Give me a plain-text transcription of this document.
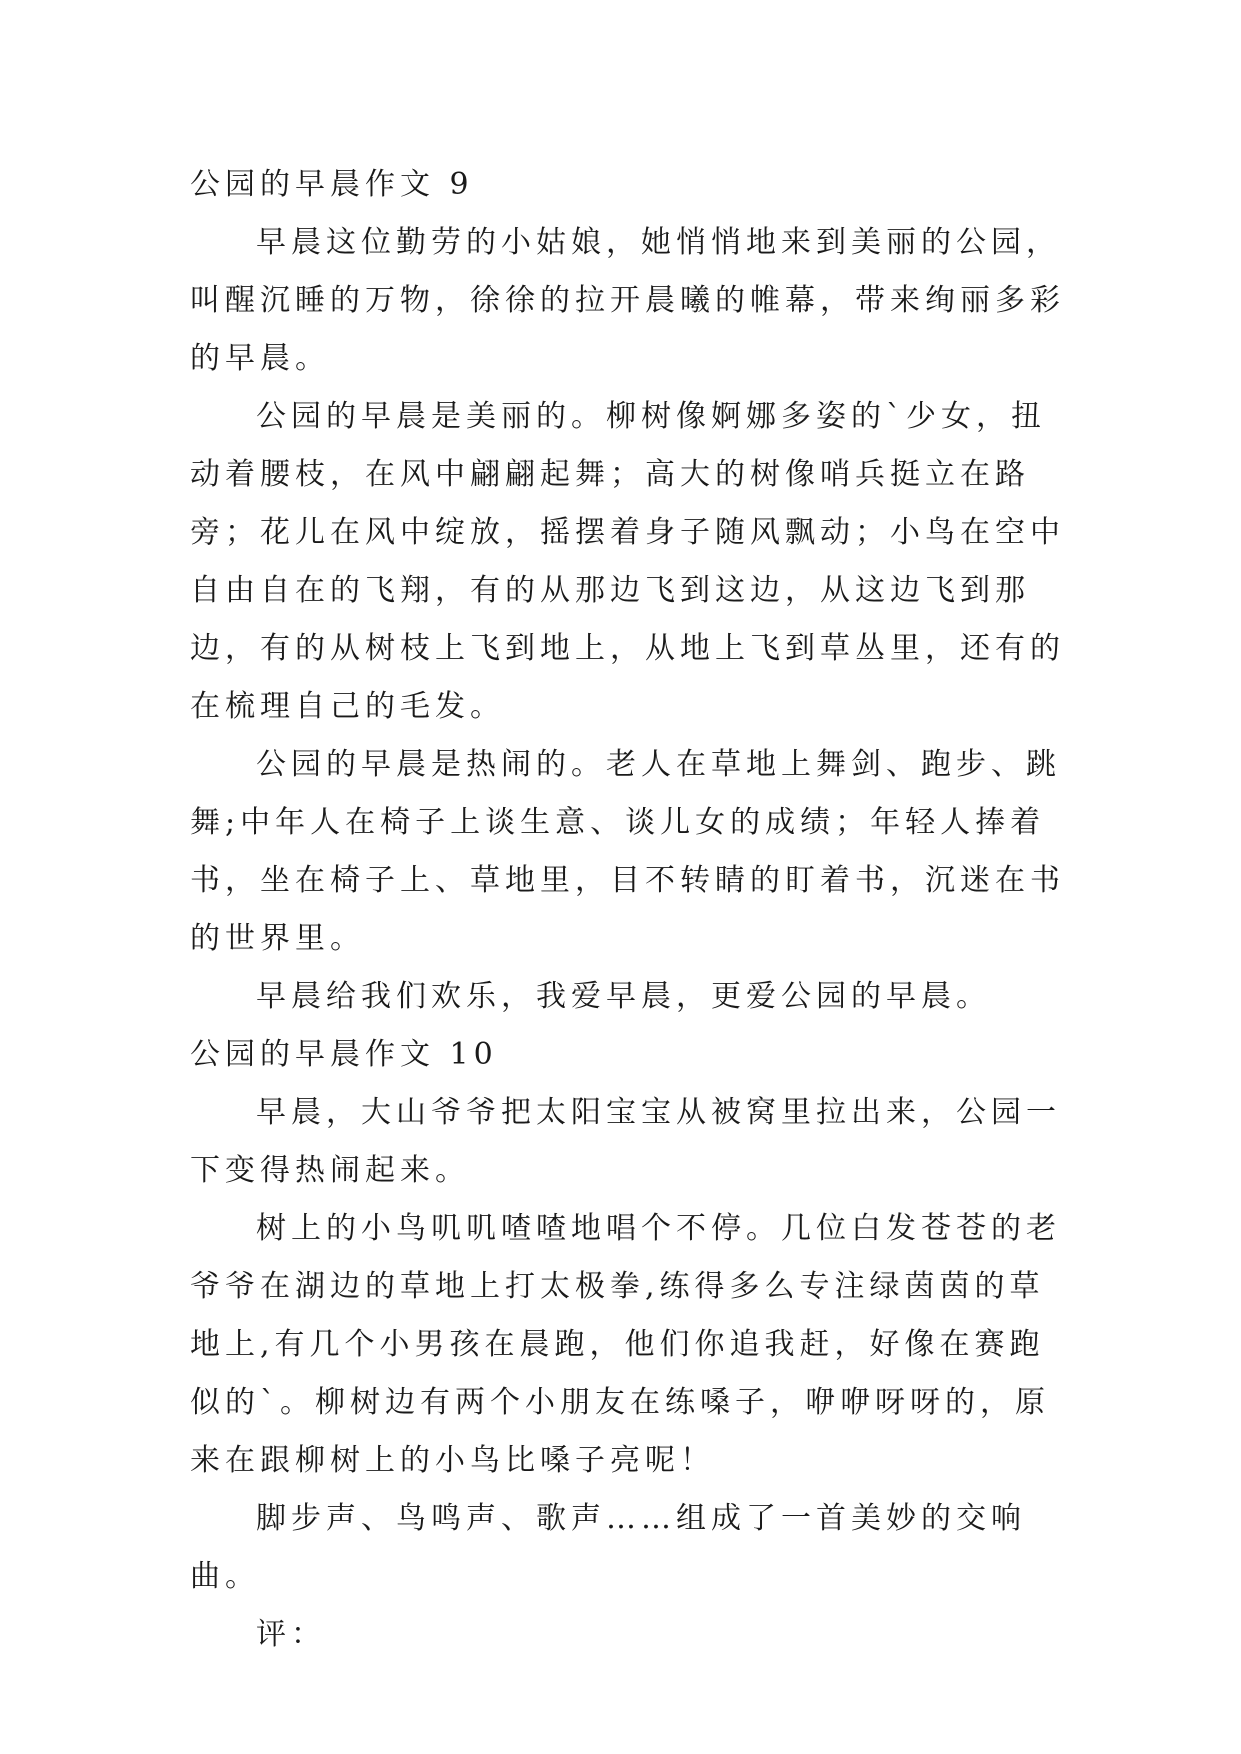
公园的早晨作文 9

早晨这位勤劳的小姑娘，她悄悄地来到美丽的公园，叫醒沉睡的万物，徐徐的拉开晨曦的帷幕，带来绚丽多彩的早晨。

公园的早晨是美丽的。柳树像婀娜多姿的`少女，扭动着腰枝，在风中翩翩起舞；高大的树像哨兵挺立在路旁；花儿在风中绽放，摇摆着身子随风飘动；小鸟在空中自由自在的飞翔，有的从那边飞到这边，从这边飞到那边，有的从树枝上飞到地上，从地上飞到草丛里，还有的在梳理自己的毛发。

公园的早晨是热闹的。老人在草地上舞剑、跑步、跳舞;中年人在椅子上谈生意、谈儿女的成绩；年轻人捧着书，坐在椅子上、草地里，目不转睛的盯着书，沉迷在书的世界里。

早晨给我们欢乐，我爱早晨，更爱公园的早晨。

公园的早晨作文 10

早晨，大山爷爷把太阳宝宝从被窝里拉出来，公园一下变得热闹起来。

树上的小鸟叽叽喳喳地唱个不停。几位白发苍苍的老爷爷在湖边的草地上打太极拳,练得多么专注绿茵茵的草地上,有几个小男孩在晨跑，他们你追我赶，好像在赛跑似的`。柳树边有两个小朋友在练嗓子，咿咿呀呀的，原来在跟柳树上的小鸟比嗓子亮呢！

脚步声、鸟鸣声、歌声……组成了一首美妙的交响曲。

评：
